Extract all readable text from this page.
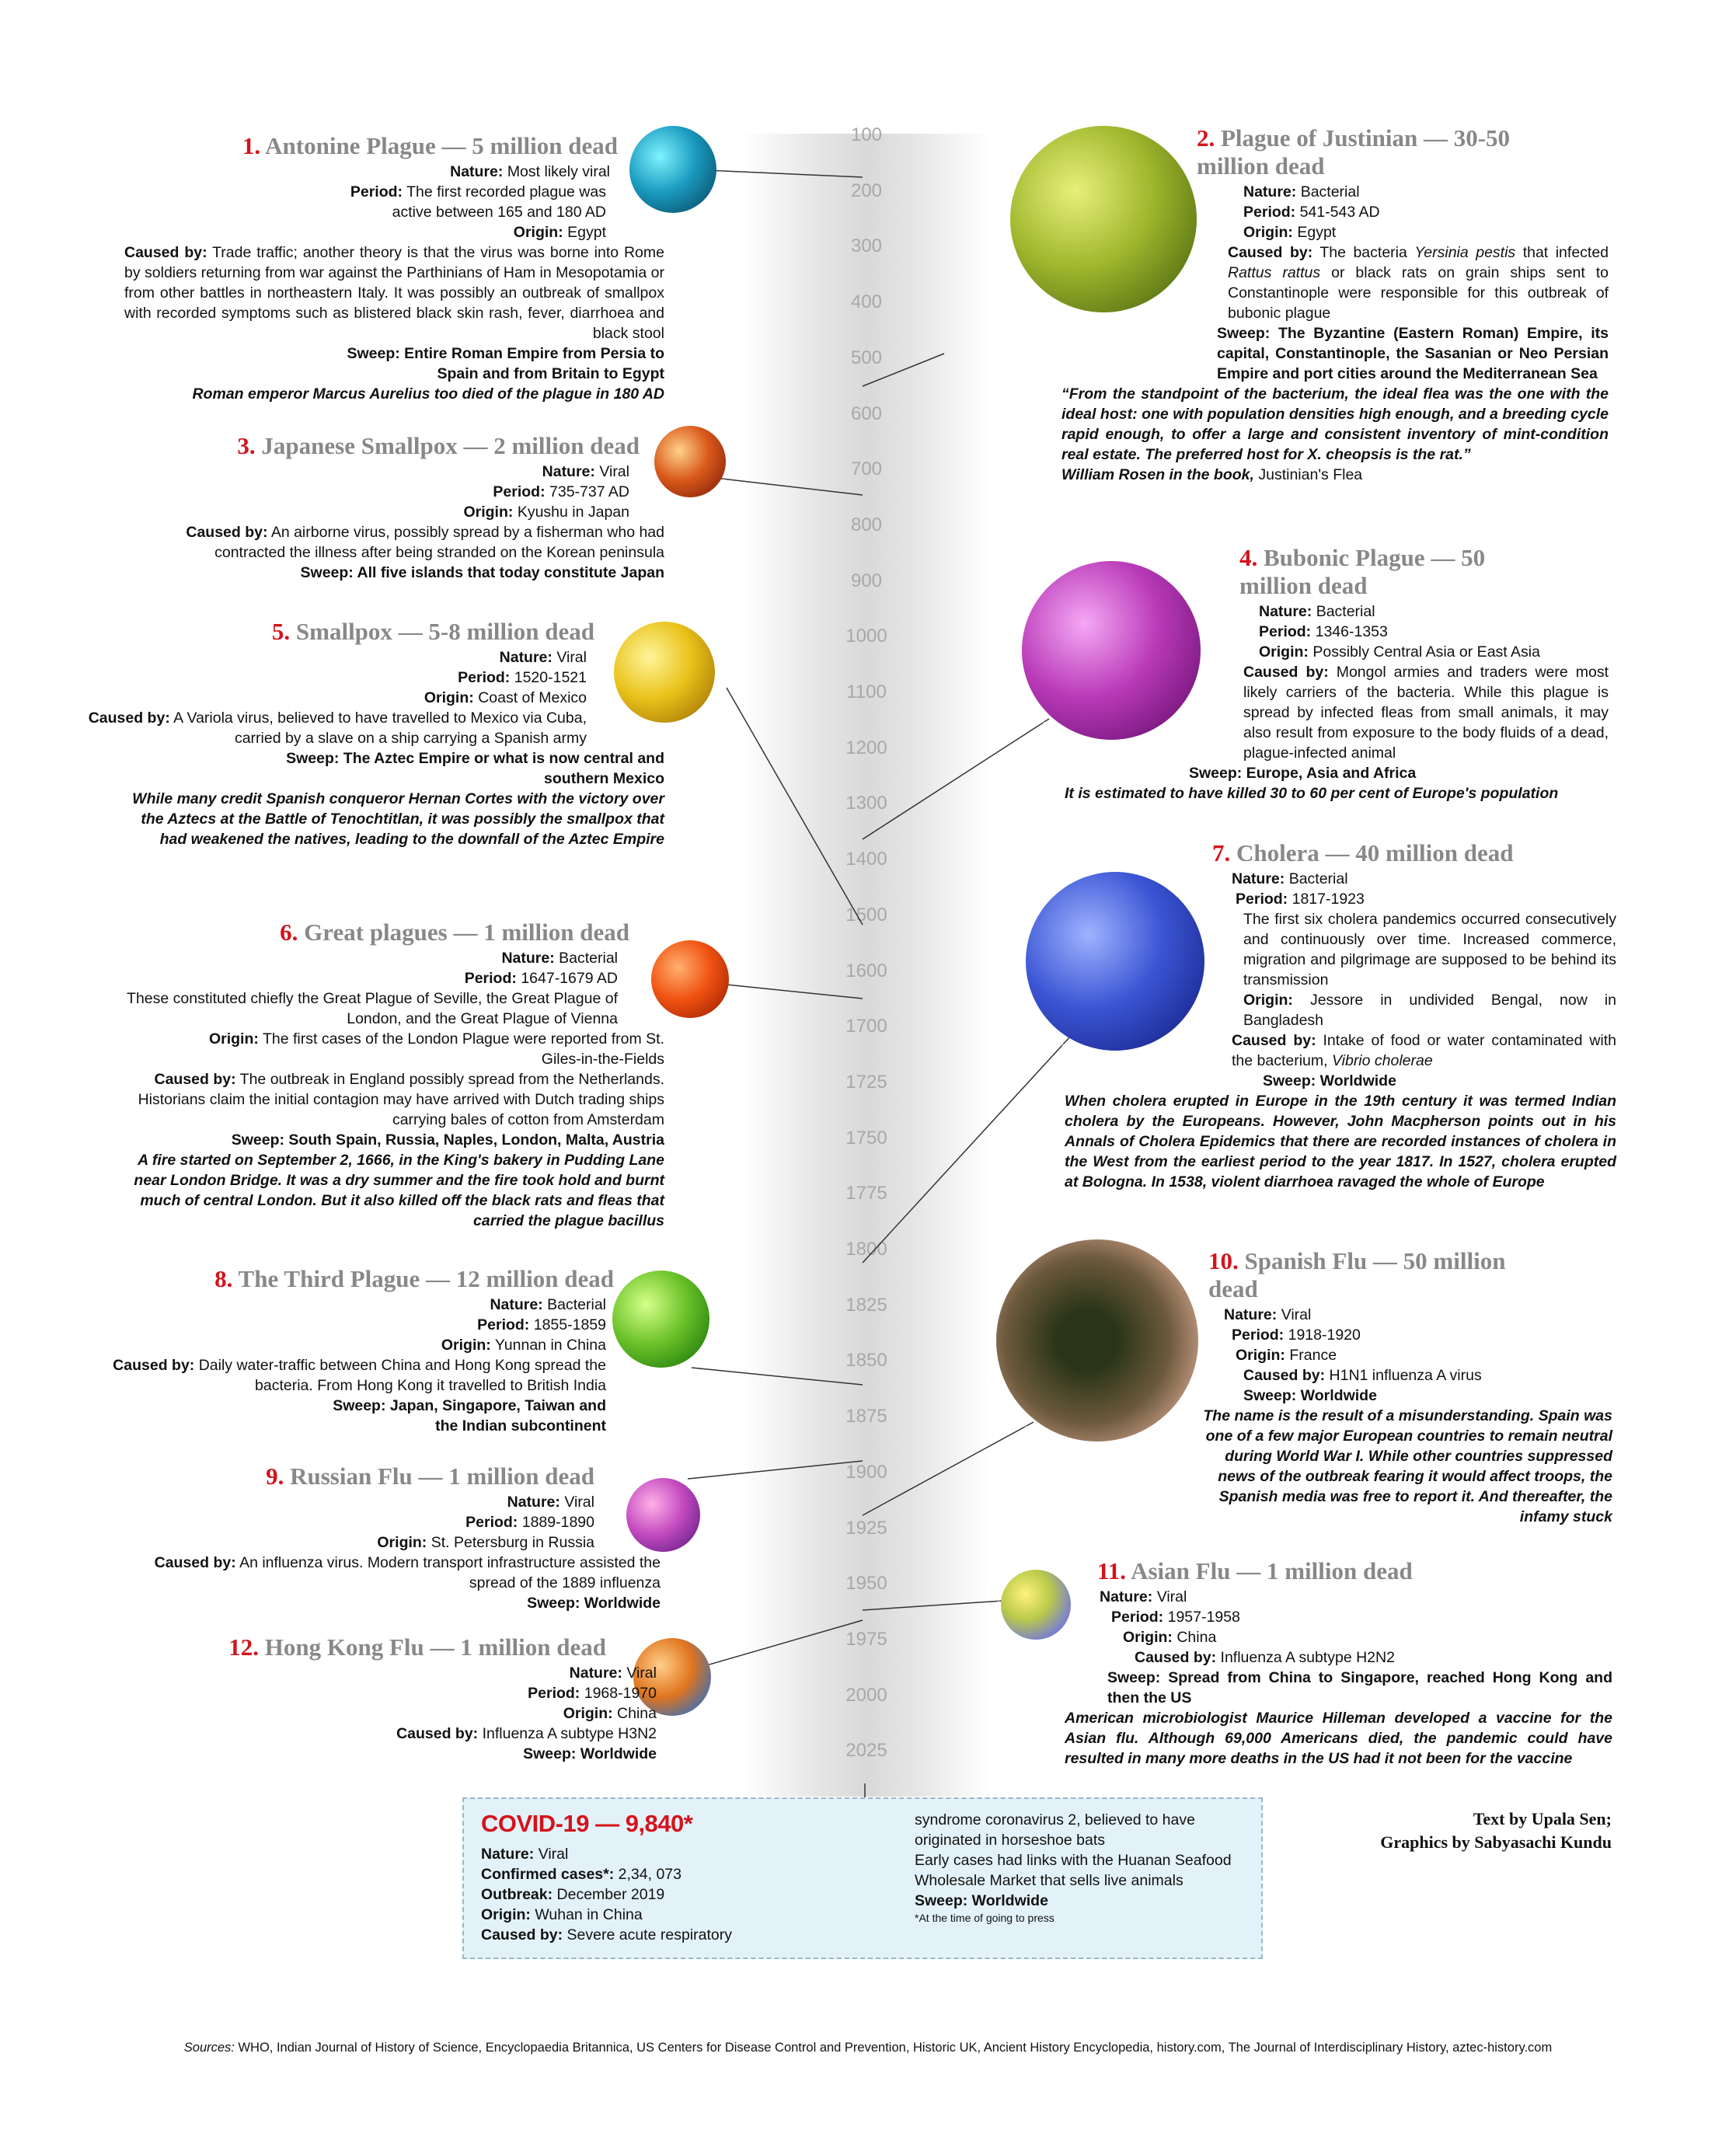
100
200
300
400
500
600
700
800
900
1000
1100
1200
1300
1400
1500
1600
1700
1725
1750
1775
1800
1825
1850
1875
1900
1925
1950
1975
2000
2025
1. Antonine Plague — 5 million dead
Nature: Most likely viral
Period: The first recorded plague was active between 165 and 180 AD
Origin: Egypt
Caused by: Trade traffic; another theory is that the virus was borne into Rome by soldiers returning from war against the Parthinians of Ham in Mesopotamia or from other battles in northeastern Italy. It was possibly an outbreak of smallpox with recorded symptoms such as blistered black skin rash, fever, diarrhoea and black stool
Sweep: Entire Roman Empire from Persia to Spain and from Britain to Egypt
Roman emperor Marcus Aurelius too died of the plague in 180 AD
2. Plague of Justinian — 30-50 million dead
Nature: Bacterial
Period: 541-543 AD
Origin: Egypt
Caused by: The bacteria Yersinia pestis that infected Rattus rattus or black rats on grain ships sent to Constantinople were responsible for this outbreak of bubonic plague
Sweep: The Byzantine (Eastern Roman) Empire, its capital, Constantinople, the Sasanian or Neo Persian Empire and port cities around the Mediterranean Sea
“From the standpoint of the bacterium, the ideal flea was the one with the ideal host: one with population densities high enough, and a breeding cycle rapid enough, to offer a large and consistent inventory of mint-condition real estate. The preferred host for X. cheopsis is the rat.”
William Rosen in the book, Justinian's Flea
3. Japanese Smallpox — 2 million dead
Nature: Viral
Period: 735-737 AD
Origin: Kyushu in Japan
Caused by: An airborne virus, possibly spread by a fisherman who had contracted the illness after being stranded on the Korean peninsula
Sweep: All five islands that today constitute Japan
4. Bubonic Plague — 50 million dead
Nature: Bacterial
Period: 1346-1353
Origin: Possibly Central Asia or East Asia
Caused by: Mongol armies and traders were most likely carriers of the bacteria. While this plague is spread by infected fleas from small animals, it may also result from exposure to the body fluids of a dead, plague-infected animal
Sweep: Europe, Asia and Africa
It is estimated to have killed 30 to 60 per cent of Europe's population
5. Smallpox — 5-8 million dead
Nature: Viral
Period: 1520-1521
Origin: Coast of Mexico
Caused by: A Variola virus, believed to have travelled to Mexico via Cuba, carried by a slave on a ship carrying a Spanish army
Sweep: The Aztec Empire or what is now central and southern Mexico
While many credit Spanish conqueror Hernan Cortes with the victory over the Aztecs at the Battle of Tenochtitlan, it was possibly the smallpox that had weakened the natives, leading to the downfall of the Aztec Empire
6. Great plagues — 1 million dead
Nature: Bacterial
Period: 1647-1679 AD
These constituted chiefly the Great Plague of Seville, the Great Plague of London, and the Great Plague of Vienna
Origin: The first cases of the London Plague were reported from St. Giles-in-the-Fields
Caused by: The outbreak in England possibly spread from the Netherlands. Historians claim the initial contagion may have arrived with Dutch trading ships carrying bales of cotton from Amsterdam
Sweep: South Spain, Russia, Naples, London, Malta, Austria
A fire started on September 2, 1666, in the King's bakery in Pudding Lane near London Bridge. It was a dry summer and the fire took hold and burnt much of central London. But it also killed off the black rats and fleas that carried the plague bacillus
7. Cholera — 40 million dead
Nature: Bacterial
Period: 1817-1923
The first six cholera pandemics occurred consecutively and continuously over time. Increased commerce, migration and pilgrimage are supposed to be behind its transmission
Origin: Jessore in undivided Bengal, now in Bangladesh
Caused by: Intake of food or water contaminated with the bacterium, Vibrio cholerae
Sweep: Worldwide
When cholera erupted in Europe in the 19th century it was termed Indian cholera by the Europeans. However, John Macpherson points out in his Annals of Cholera Epidemics that there are recorded instances of cholera in the West from the earliest period to the year 1817. In 1527, cholera erupted at Bologna. In 1538, violent diarrhoea ravaged the whole of Europe
8. The Third Plague — 12 million dead
Nature: Bacterial
Period: 1855-1859
Origin: Yunnan in China
Caused by: Daily water-traffic between China and Hong Kong spread the bacteria. From Hong Kong it travelled to British India
Sweep: Japan, Singapore, Taiwan and the Indian subcontinent
9. Russian Flu — 1 million dead
Nature: Viral
Period: 1889-1890
Origin: St. Petersburg in Russia
Caused by: An influenza virus. Modern transport infrastructure assisted the spread of the 1889 influenza
Sweep: Worldwide
10. Spanish Flu — 50 million dead
Nature: Viral
Period: 1918-1920
Origin: France
Caused by: H1N1 influenza A virus
Sweep: Worldwide
The name is the result of a misunderstanding. Spain was one of a few major European countries to remain neutral during World War I. While other countries suppressed news of the outbreak fearing it would affect troops, the Spanish media was free to report it. And thereafter, the infamy stuck
11. Asian Flu — 1 million dead
Nature: Viral
Period: 1957-1958
Origin: China
Caused by: Influenza A subtype H2N2
Sweep: Spread from China to Singapore, reached Hong Kong and then the US
American microbiologist Maurice Hilleman developed a vaccine for the Asian flu. Although 69,000 Americans died, the pandemic could have resulted in many more deaths in the US had it not been for the vaccine
12. Hong Kong Flu — 1 million dead
Nature: Viral
Period: 1968-1970
Origin: China
Caused by: Influenza A subtype H3N2
Sweep: Worldwide
COVID-19 — 9,840*
Nature: Viral
Confirmed cases*: 2,34, 073
Outbreak: December 2019
Origin: Wuhan in China
Caused by: Severe acute respiratory
syndrome coronavirus 2, believed to have originated in horseshoe bats
Early cases had links with the Huanan Seafood Wholesale Market that sells live animals
Sweep: Worldwide
*At the time of going to press
Text by Upala Sen;
Graphics by Sabyasachi Kundu
Sources: WHO, Indian Journal of History of Science, Encyclopaedia Britannica, US Centers for Disease Control and Prevention, Historic UK, Ancient History Encyclopedia, history.com, The Journal of Interdisciplinary History, aztec-history.com
